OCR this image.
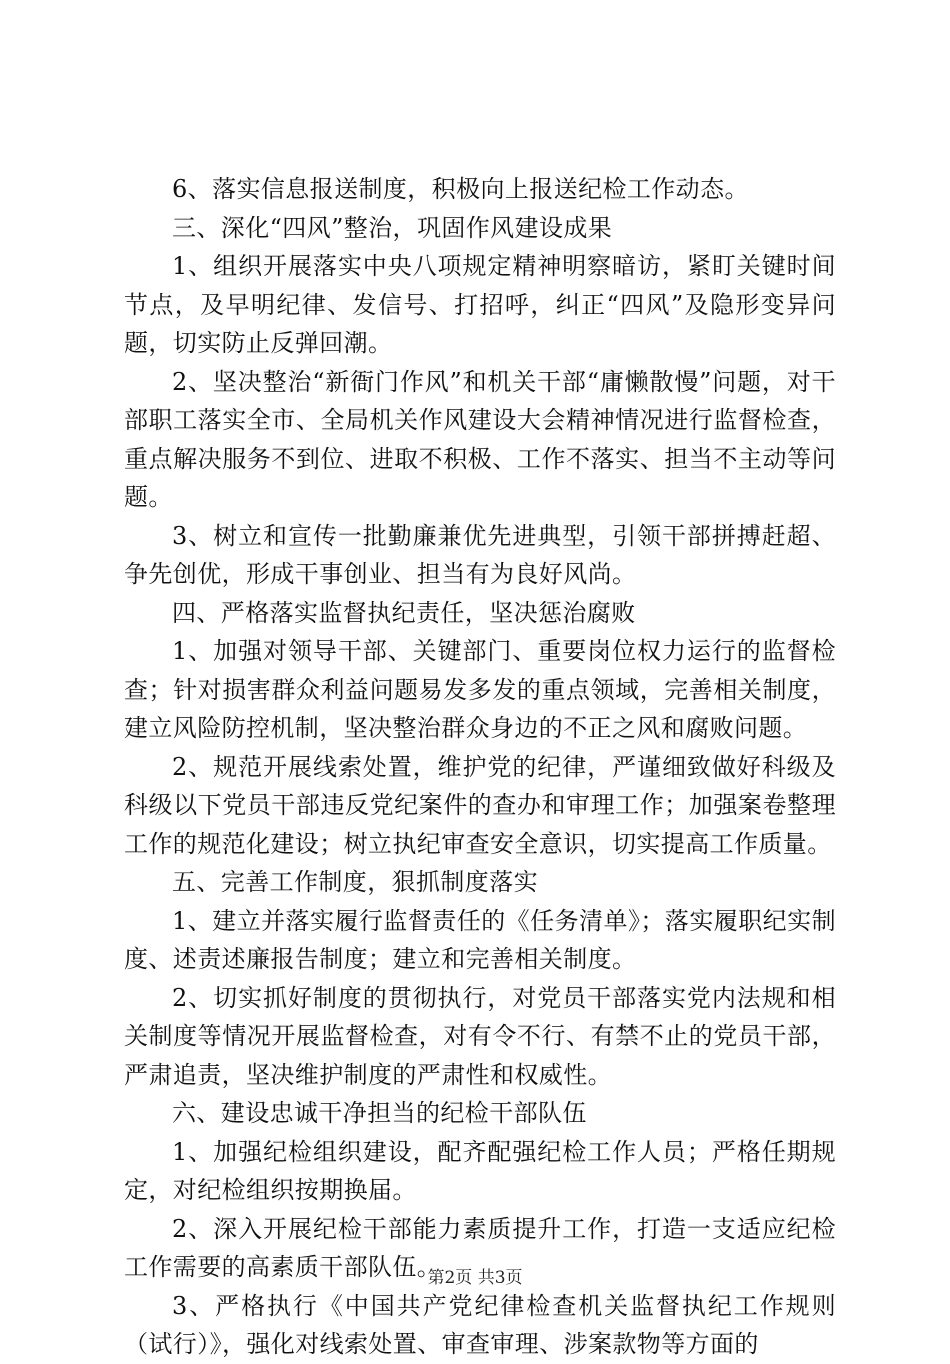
6、落实信息报送制度，积极向上报送纪检工作动态。

三、深化“四风”整治，巩固作风建设成果

1、组织开展落实中央八项规定精神明察暗访，紧盯关键时间节点，及早明纪律、发信号、打招呼，纠正“四风”及隐形变异问题，切实防止反弹回潮。

2、坚决整治“新衙门作风”和机关干部“庸懒散慢”问题，对干部职工落实全市、全局机关作风建设大会精神情况进行监督检查，重点解决服务不到位、进取不积极、工作不落实、担当不主动等问题。

3、树立和宣传一批勤廉兼优先进典型，引领干部拼搏赶超、争先创优，形成干事创业、担当有为良好风尚。

四、严格落实监督执纪责任，坚决惩治腐败

1、加强对领导干部、关键部门、重要岗位权力运行的监督检查；针对损害群众利益问题易发多发的重点领域，完善相关制度，建立风险防控机制，坚决整治群众身边的不正之风和腐败问题。

2、规范开展线索处置，维护党的纪律，严谨细致做好科级及科级以下党员干部违反党纪案件的查办和审理工作；加强案卷整理工作的规范化建设；树立执纪审查安全意识，切实提高工作质量。

五、完善工作制度，狠抓制度落实

1、建立并落实履行监督责任的《任务清单》；落实履职纪实制度、述责述廉报告制度；建立和完善相关制度。

2、切实抓好制度的贯彻执行，对党员干部落实党内法规和相关制度等情况开展监督检查，对有令不行、有禁不止的党员干部，严肃追责，坚决维护制度的严肃性和权威性。

六、建设忠诚干净担当的纪检干部队伍

1、加强纪检组织建设，配齐配强纪检工作人员；严格任期规定，对纪检组织按期换届。

2、深入开展纪检干部能力素质提升工作，打造一支适应纪检工作需要的高素质干部队伍。

3、严格执行《中国共产党纪律检查机关监督执纪工作规则（试行）》，强化对线索处置、审查审理、涉案款物等方面的

第2页 共3页
